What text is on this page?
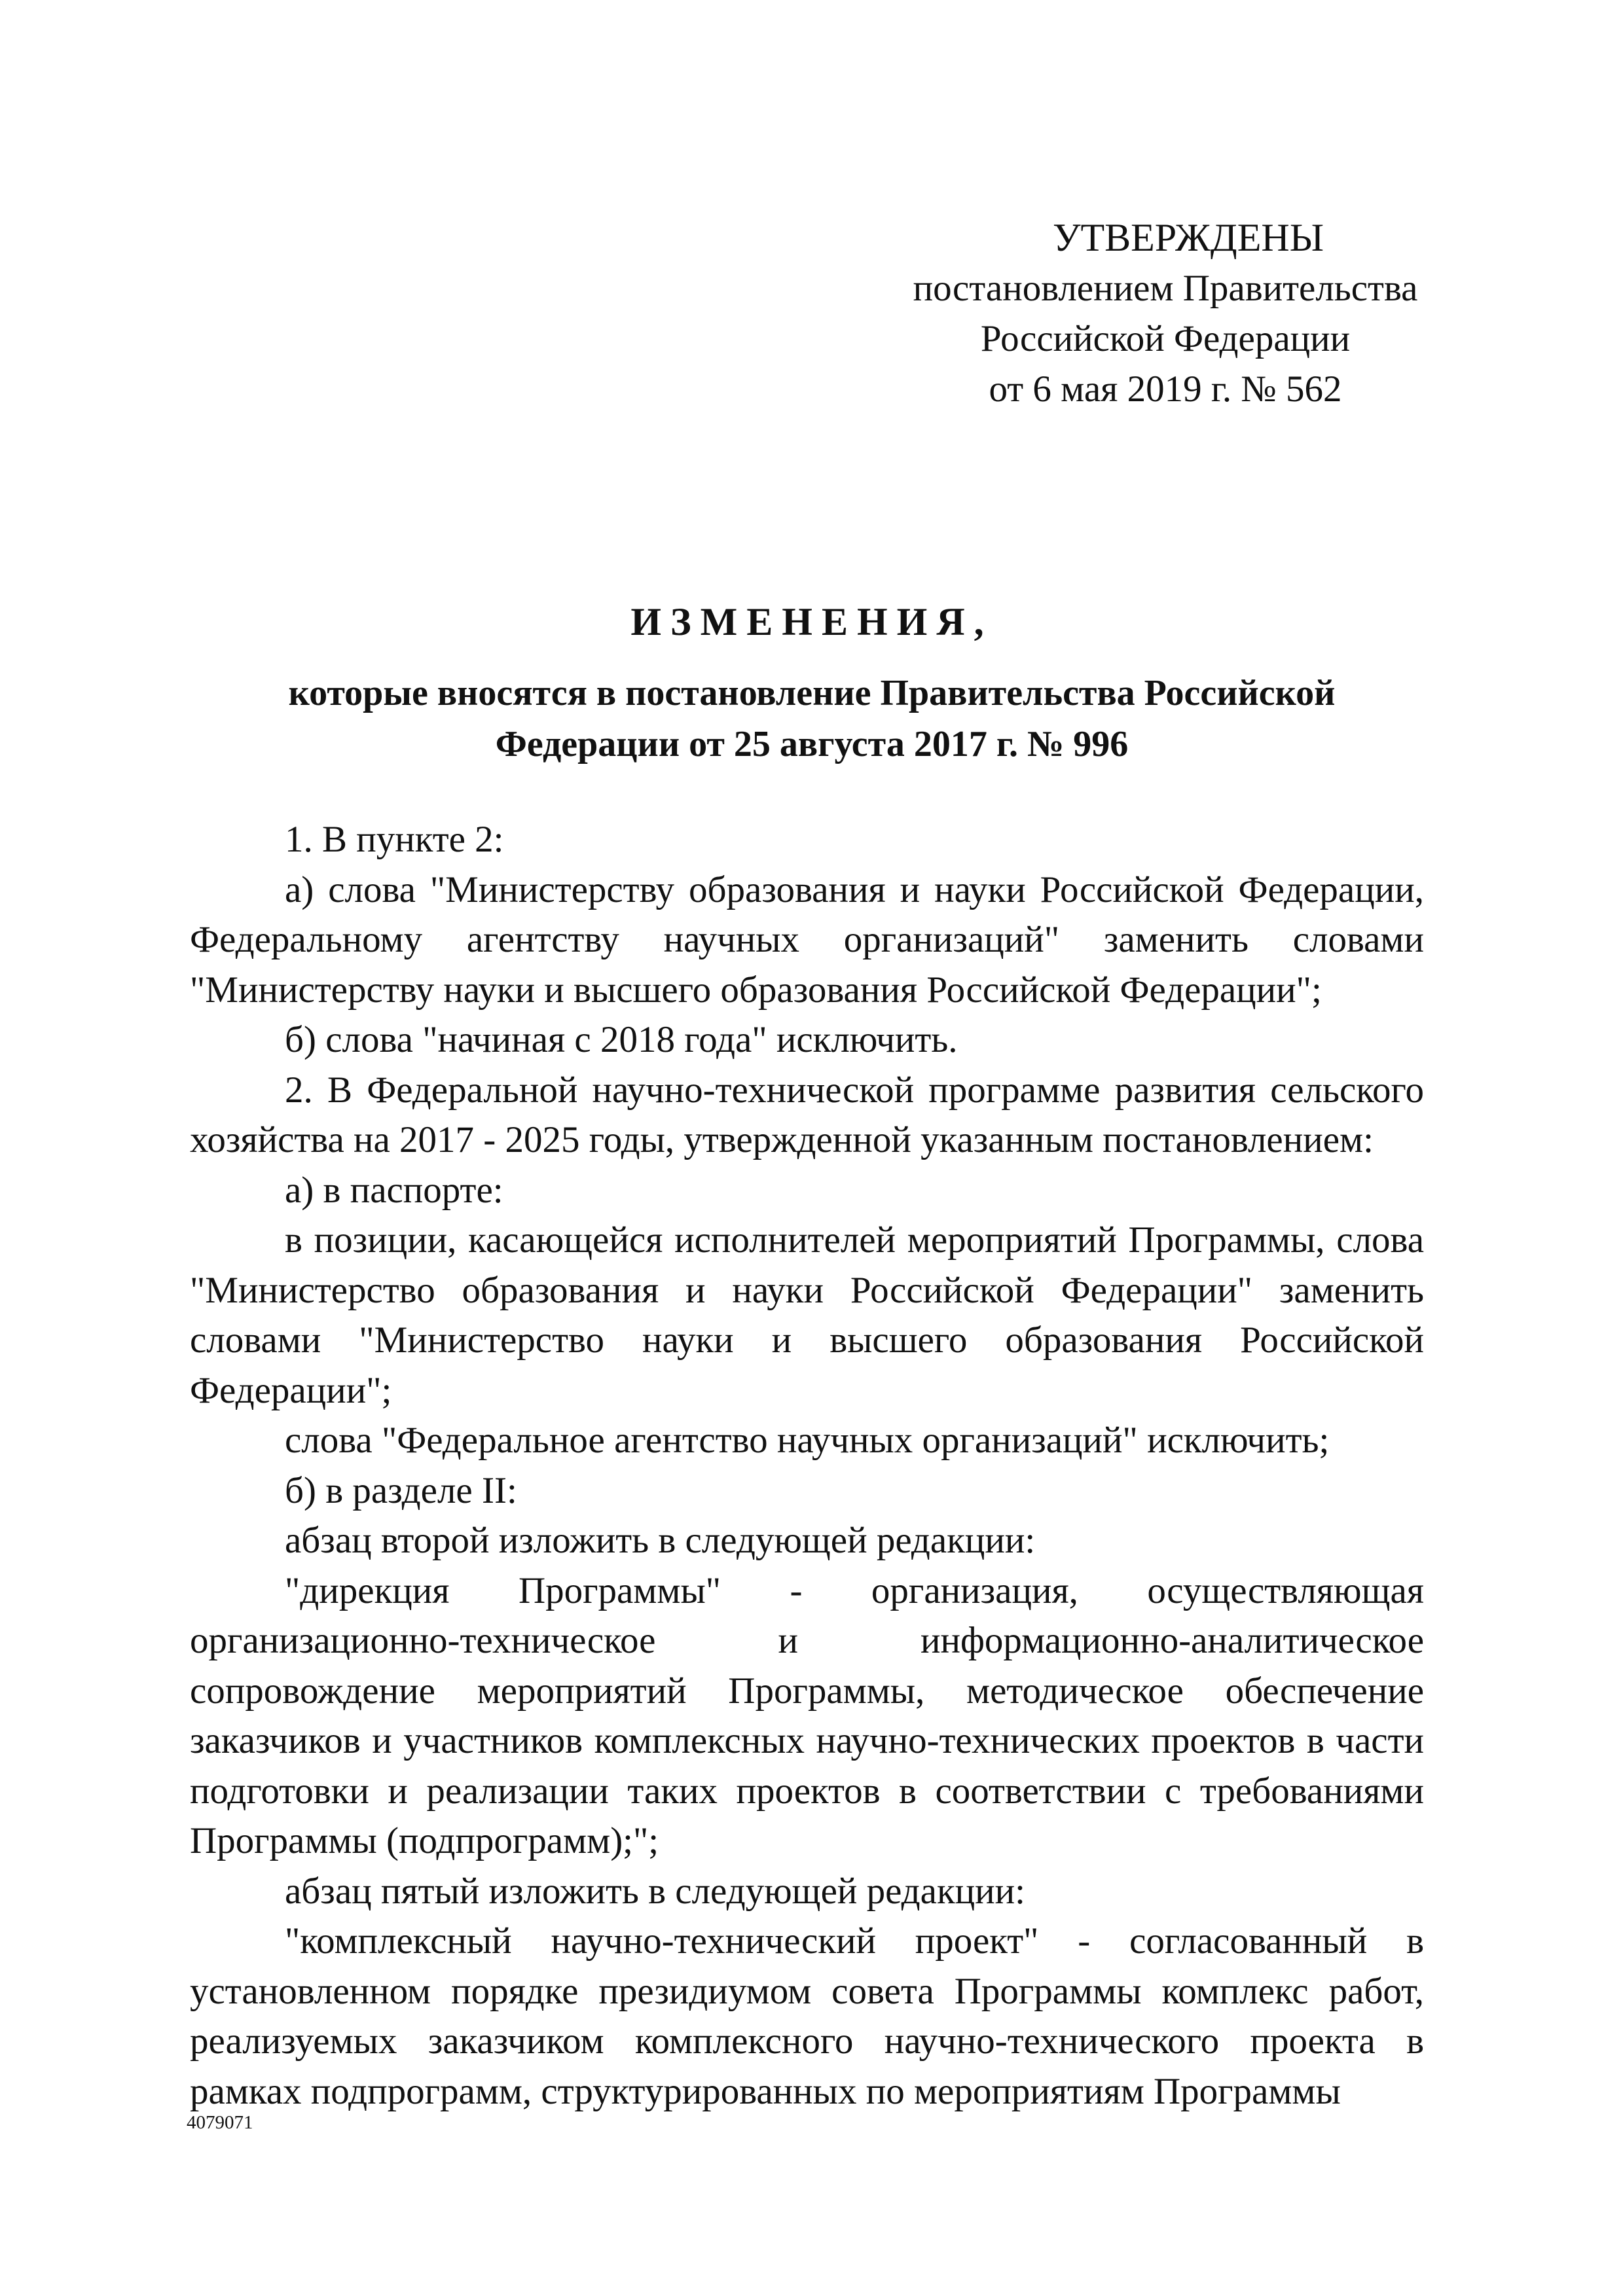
УТВЕРЖДЕНЫ
постановлением Правительства
Российской Федерации
от 6 мая 2019 г. № 562
ИЗМЕНЕНИЯ,
которые вносятся в постановление Правительства Российской
Федерации от 25 августа 2017 г. № 996

1. В пункте 2:

а) слова "Министерству образования и науки Российской Федерации, Федеральному агентству научных организаций" заменить словами "Министерству науки и высшего образования Российской Федерации";

б) слова "начиная с 2018 года" исключить.

2. В Федеральной научно-технической программе развития сельского хозяйства на 2017 - 2025 годы, утвержденной указанным постановлением:

а) в паспорте:

в позиции, касающейся исполнителей мероприятий Программы, слова "Министерство образования и науки Российской Федерации" заменить словами "Министерство науки и высшего образования Российской Федерации";

слова "Федеральное агентство научных организаций" исключить;

б) в разделе II:

абзац второй изложить в следующей редакции:

"дирекция Программы" - организация, осуществляющая организационно-техническое и информационно-аналитическое сопровождение мероприятий Программы, методическое обеспечение заказчиков и участников комплексных научно-технических проектов в части подготовки и реализации таких проектов в соответствии с требованиями Программы (подпрограмм);";

абзац пятый изложить в следующей редакции:

"комплексный научно-технический проект" - согласованный в установленном порядке президиумом совета Программы комплекс работ, реализуемых заказчиком комплексного научно-технического проекта в рамках подпрограмм, структурированных по мероприятиям Программы

4079071
